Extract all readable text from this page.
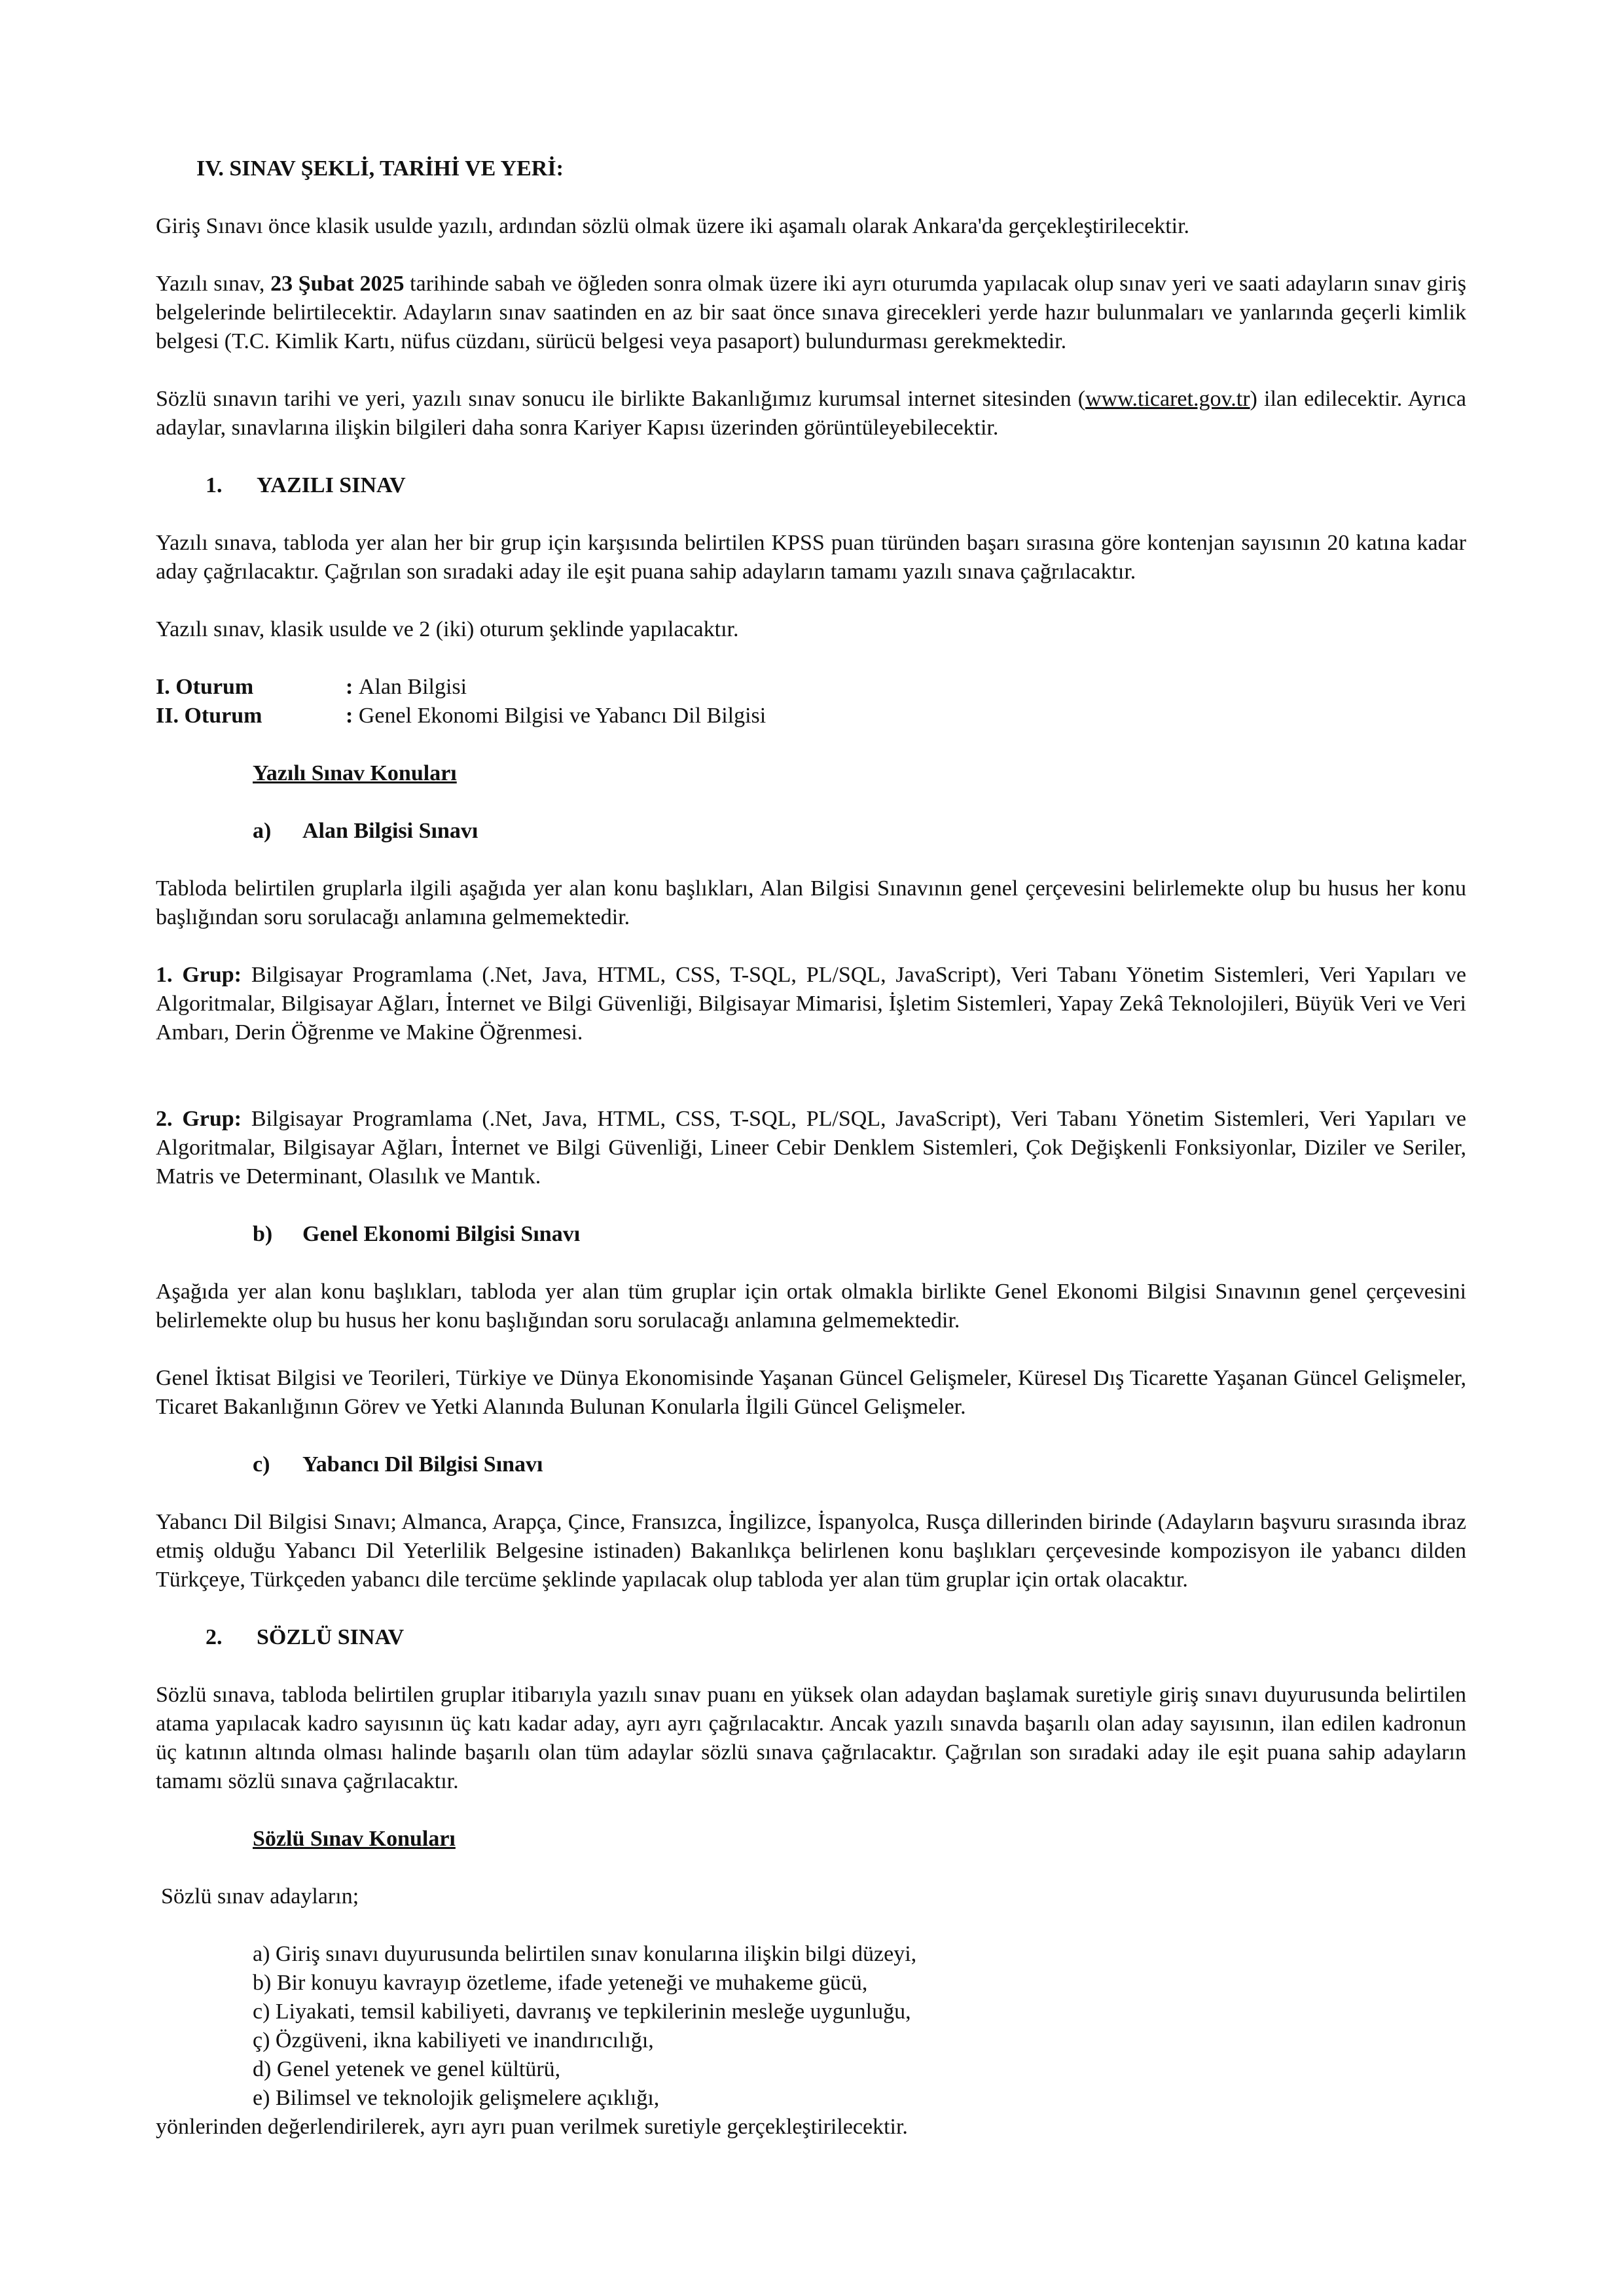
IV. SINAV ŞEKLİ, TARİHİ VE YERİ:

Giriş Sınavı önce klasik usulde yazılı, ardından sözlü olmak üzere iki aşamalı olarak Ankara'da gerçekleştirilecektir.

Yazılı sınav, 23 Şubat 2025 tarihinde sabah ve öğleden sonra olmak üzere iki ayrı oturumda yapılacak olup sınav yeri ve saati adayların sınav giriş belgelerinde belirtilecektir. Adayların sınav saatinden en az bir saat önce sınava girecekleri yerde hazır bulunmaları ve yanlarında geçerli kimlik belgesi (T.C. Kimlik Kartı, nüfus cüzdanı, sürücü belgesi veya pasaport) bulundurması gerekmektedir.

Sözlü sınavın tarihi ve yeri, yazılı sınav sonucu ile birlikte Bakanlığımız kurumsal internet sitesinden (www.ticaret.gov.tr) ilan edilecektir. Ayrıca adaylar, sınavlarına ilişkin bilgileri daha sonra Kariyer Kapısı üzerinden görüntüleyebilecektir.

1. YAZILI SINAV

Yazılı sınava, tabloda yer alan her bir grup için karşısında belirtilen KPSS puan türünden başarı sırasına göre kontenjan sayısının 20 katına kadar aday çağrılacaktır. Çağrılan son sıradaki aday ile eşit puana sahip adayların tamamı yazılı sınava çağrılacaktır.

Yazılı sınav, klasik usulde ve 2 (iki) oturum şeklinde yapılacaktır.

I. Oturum	: Alan Bilgisi
II. Oturum	: Genel Ekonomi Bilgisi ve Yabancı Dil Bilgisi

Yazılı Sınav Konuları

a) Alan Bilgisi Sınavı

Tabloda belirtilen gruplarla ilgili aşağıda yer alan konu başlıkları, Alan Bilgisi Sınavının genel çerçevesini belirlemekte olup bu husus her konu başlığından soru sorulacağı anlamına gelmemektedir.

1. Grup: Bilgisayar Programlama (.Net, Java, HTML, CSS, T-SQL, PL/SQL, JavaScript), Veri Tabanı Yönetim Sistemleri, Veri Yapıları ve Algoritmalar, Bilgisayar Ağları, İnternet ve Bilgi Güvenliği, Bilgisayar Mimarisi, İşletim Sistemleri, Yapay Zekâ Teknolojileri, Büyük Veri ve Veri Ambarı, Derin Öğrenme ve Makine Öğrenmesi.

2. Grup: Bilgisayar Programlama (.Net, Java, HTML, CSS, T-SQL, PL/SQL, JavaScript), Veri Tabanı Yönetim Sistemleri, Veri Yapıları ve Algoritmalar, Bilgisayar Ağları, İnternet ve Bilgi Güvenliği, Lineer Cebir Denklem Sistemleri, Çok Değişkenli Fonksiyonlar, Diziler ve Seriler, Matris ve Determinant, Olasılık ve Mantık.

b) Genel Ekonomi Bilgisi Sınavı

Aşağıda yer alan konu başlıkları, tabloda yer alan tüm gruplar için ortak olmakla birlikte Genel Ekonomi Bilgisi Sınavının genel çerçevesini belirlemekte olup bu husus her konu başlığından soru sorulacağı anlamına gelmemektedir.

Genel İktisat Bilgisi ve Teorileri, Türkiye ve Dünya Ekonomisinde Yaşanan Güncel Gelişmeler, Küresel Dış Ticarette Yaşanan Güncel Gelişmeler, Ticaret Bakanlığının Görev ve Yetki Alanında Bulunan Konularla İlgili Güncel Gelişmeler.

c) Yabancı Dil Bilgisi Sınavı

Yabancı Dil Bilgisi Sınavı; Almanca, Arapça, Çince, Fransızca, İngilizce, İspanyolca, Rusça dillerinden birinde (Adayların başvuru sırasında ibraz etmiş olduğu Yabancı Dil Yeterlilik Belgesine istinaden) Bakanlıkça belirlenen konu başlıkları çerçevesinde kompozisyon ile yabancı dilden Türkçeye, Türkçeden yabancı dile tercüme şeklinde yapılacak olup tabloda yer alan tüm gruplar için ortak olacaktır.

2. SÖZLÜ SINAV

Sözlü sınava, tabloda belirtilen gruplar itibarıyla yazılı sınav puanı en yüksek olan adaydan başlamak suretiyle giriş sınavı duyurusunda belirtilen atama yapılacak kadro sayısının üç katı kadar aday, ayrı ayrı çağrılacaktır. Ancak yazılı sınavda başarılı olan aday sayısının, ilan edilen kadronun üç katının altında olması halinde başarılı olan tüm adaylar sözlü sınava çağrılacaktır. Çağrılan son sıradaki aday ile eşit puana sahip adayların tamamı sözlü sınava çağrılacaktır.

Sözlü Sınav Konuları

Sözlü sınav adayların;

a) Giriş sınavı duyurusunda belirtilen sınav konularına ilişkin bilgi düzeyi,

b) Bir konuyu kavrayıp özetleme, ifade yeteneği ve muhakeme gücü,

c) Liyakati, temsil kabiliyeti, davranış ve tepkilerinin mesleğe uygunluğu,

ç) Özgüveni, ikna kabiliyeti ve inandırıcılığı,

d) Genel yetenek ve genel kültürü,

e) Bilimsel ve teknolojik gelişmelere açıklığı,

yönlerinden değerlendirilerek, ayrı ayrı puan verilmek suretiyle gerçekleştirilecektir.
